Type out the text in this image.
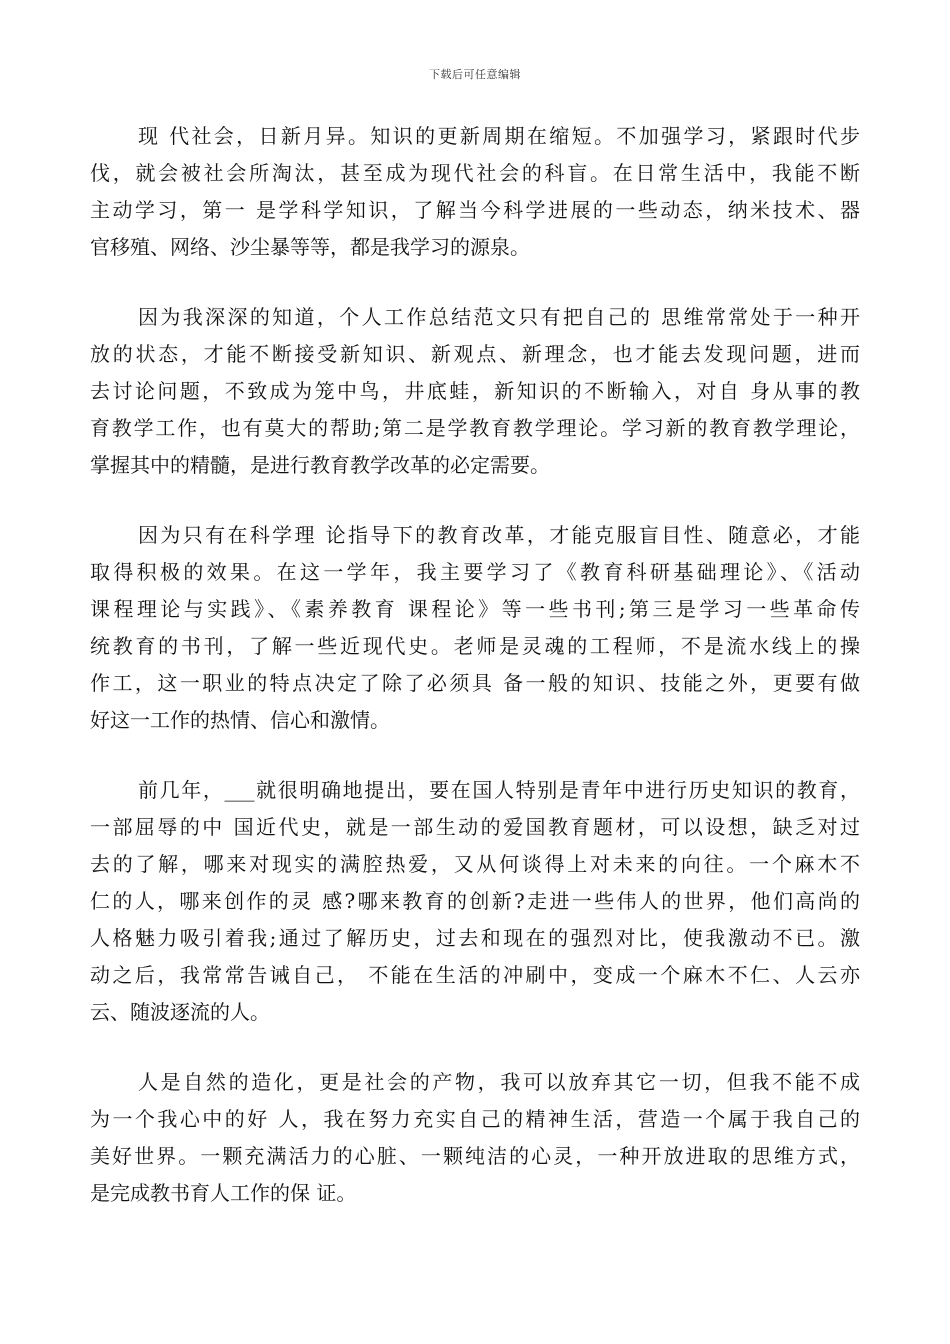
下载后可任意编辑
现 代社会，日新月异。知识的更新周期在缩短。不加强学习，紧跟时代步
伐，就会被社会所淘汰，甚至成为现代社会的科盲。在日常生活中，我能不断
主动学习，第一 是学科学知识，了解当今科学进展的一些动态，纳米技术、器
官移殖、网络、沙尘暴等等，都是我学习的源泉。
因为我深深的知道，个人工作总结范文只有把自己的 思维常常处于一种开
放的状态，才能不断接受新知识、新观点、新理念，也才能去发现问题，进而
去讨论问题，不致成为笼中鸟，井底蛙，新知识的不断输入，对自 身从事的教
育教学工作，也有莫大的帮助;第二是学教育教学理论。学习新的教育教学理论，
掌握其中的精髓，是进行教育教学改革的必定需要。
因为只有在科学理 论指导下的教育改革，才能克服盲目性、随意必，才能
取得积极的效果。在这一学年，我主要学习了《教育科研基础理论》、《活动
课程理论与实践》、《素养教育 课程论》等一些书刊;第三是学习一些革命传
统教育的书刊，了解一些近现代史。老师是灵魂的工程师，不是流水线上的操
作工，这一职业的特点决定了除了必须具 备一般的知识、技能之外，更要有做
好这一工作的热情、信心和激情。
前几年，___就很明确地提出，要在国人特别是青年中进行历史知识的教育，
一部屈辱的中 国近代史，就是一部生动的爱国教育题材，可以设想，缺乏对过
去的了解，哪来对现实的满腔热爱，又从何谈得上对未来的向往。一个麻木不
仁的人，哪来创作的灵 感?哪来教育的创新?走进一些伟人的世界，他们高尚的
人格魅力吸引着我;通过了解历史，过去和现在的强烈对比，使我激动不已。激
动之后，我常常告诫自己， 不能在生活的冲刷中，变成一个麻木不仁、人云亦
云、随波逐流的人。
人是自然的造化，更是社会的产物，我可以放弃其它一切，但我不能不成
为一个我心中的好 人，我在努力充实自己的精神生活，营造一个属于我自己的
美好世界。一颗充满活力的心脏、一颗纯洁的心灵，一种开放进取的思维方式，
是完成教书育人工作的保 证。
